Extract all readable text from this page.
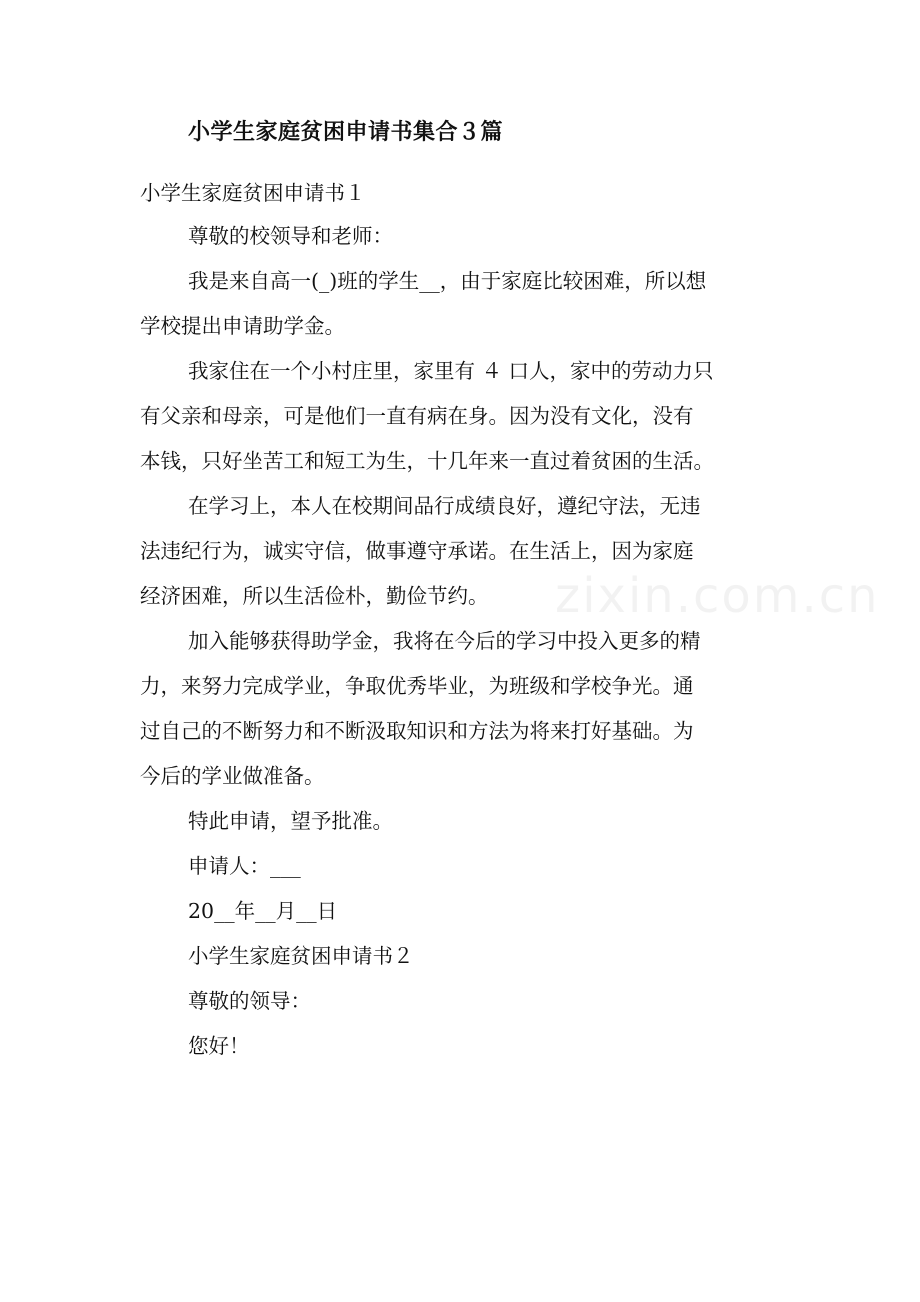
zixin.com.cn
小学生家庭贫困申请书集合３篇
小学生家庭贫困申请书１
尊敬的校领导和老师：
我是来自高一(_)班的学生__，由于家庭比较困难，所以想
学校提出申请助学金。
我家住在一个小村庄里，家里有 ４ 口人，家中的劳动力只
有父亲和母亲，可是他们一直有病在身。因为没有文化，没有
本钱，只好坐苦工和短工为生，十几年来一直过着贫困的生活。
在学习上，本人在校期间品行成绩良好，遵纪守法，无违
法违纪行为，诚实守信，做事遵守承诺。在生活上，因为家庭
经济困难，所以生活俭朴，勤俭节约。
加入能够获得助学金，我将在今后的学习中投入更多的精
力，来努力完成学业，争取优秀毕业，为班级和学校争光。通
过自己的不断努力和不断汲取知识和方法为将来打好基础。为
今后的学业做准备。
特此申请，望予批准。
申请人：___
20__年__月__日
小学生家庭贫困申请书２
尊敬的领导：
您好！
